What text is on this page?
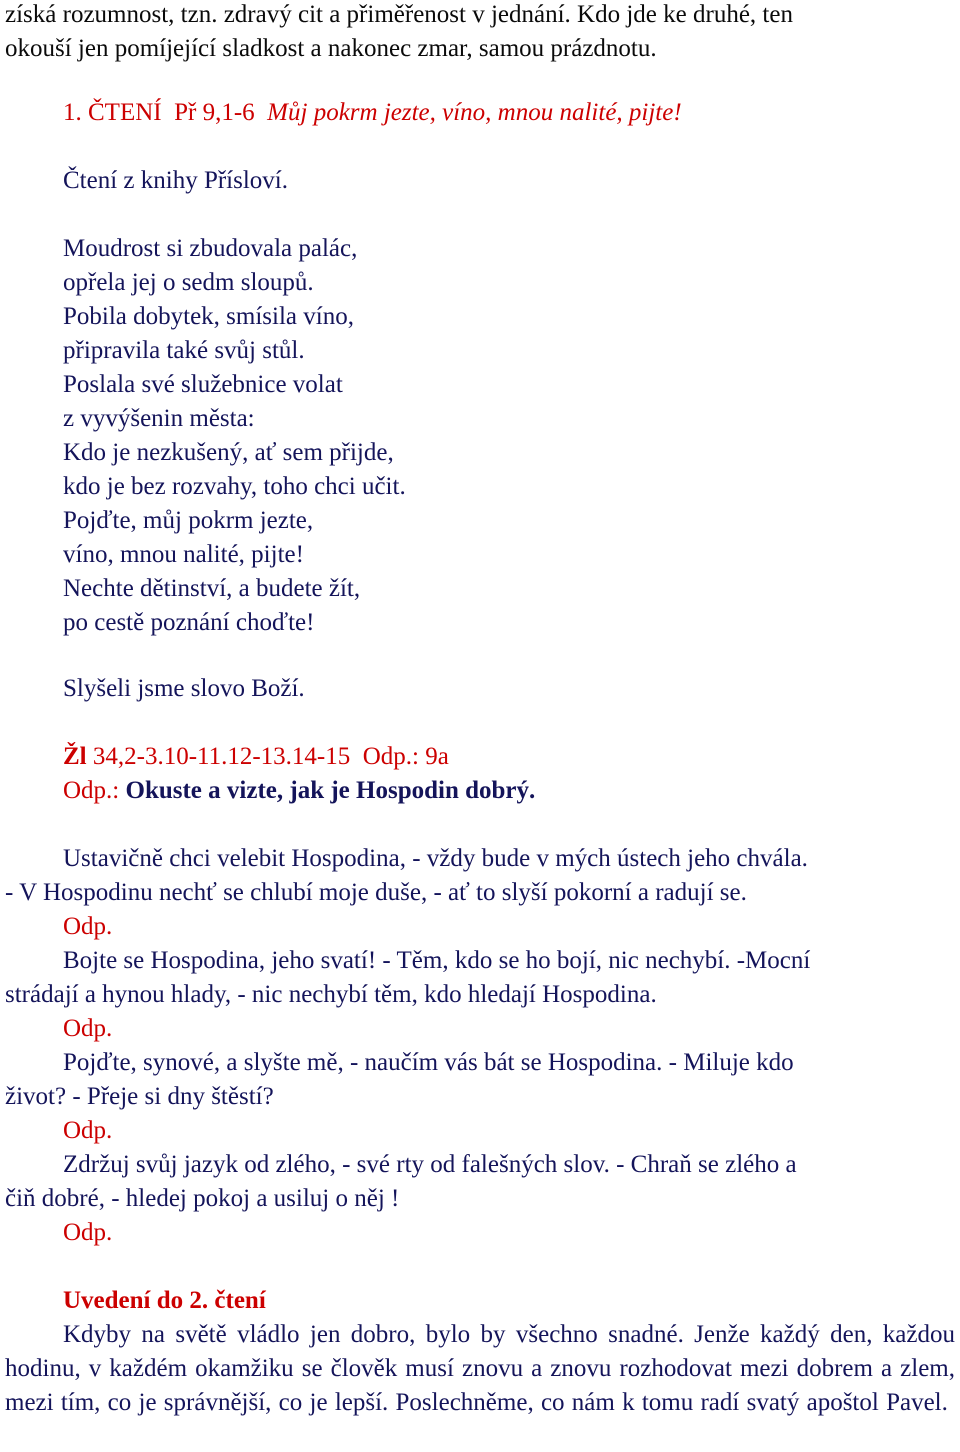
získá rozumnost, tzn. zdravý cit a přiměřenost v jednání. Kdo jde ke druhé, ten
okouší jen pomíjející sladkost a nakonec zmar, samou prázdnotu.
1. ČTENÍ Př 9,1-6 Můj pokrm jezte, víno, mnou nalité, pijte!
Čtení z knihy Přísloví.
Moudrost si zbudovala palác,
opřela jej o sedm sloupů.
Pobila dobytek, smísila víno,
připravila také svůj stůl.
Poslala své služebnice volat
z vyvýšenin města:
Kdo je nezkušený, ať sem přijde,
kdo je bez rozvahy, toho chci učit.
Pojďte, můj pokrm jezte,
víno, mnou nalité, pijte!
Nechte dětinství, a budete žít,
po cestě poznání choďte!
Slyšeli jsme slovo Boží.
Žl 34,2-3.10-11.12-13.14-15 Odp.: 9a
Odp.: Okuste a vizte, jak je Hospodin dobrý.
Ustavičně chci velebit Hospodina, - vždy bude v mých ústech jeho chvála.
- V Hospodinu nechť se chlubí moje duše, - ať to slyší pokorní a radují se.
Odp.
Bojte se Hospodina, jeho svatí! - Těm, kdo se ho bojí, nic nechybí. -Mocní
strádají a hynou hlady, - nic nechybí těm, kdo hledají Hospodina.
Odp.
Pojďte, synové, a slyšte mě, - naučím vás bát se Hospodina. - Miluje kdo
život? - Přeje si dny štěstí?
Odp.
Zdržuj svůj jazyk od zlého, - své rty od falešných slov. - Chraň se zlého a
čiň dobré, - hledej pokoj a usiluj o něj !
Odp.
Uvedení do 2. čtení
Kdyby na světě vládlo jen dobro, bylo by všechno snadné. Jenže každý den, každou hodinu, v každém okamžiku se člověk musí znovu a znovu rozhodovat mezi dobrem a zlem, mezi tím, co je správnější, co je lepší. Poslechněme, co nám k tomu radí svatý apoštol Pavel.
